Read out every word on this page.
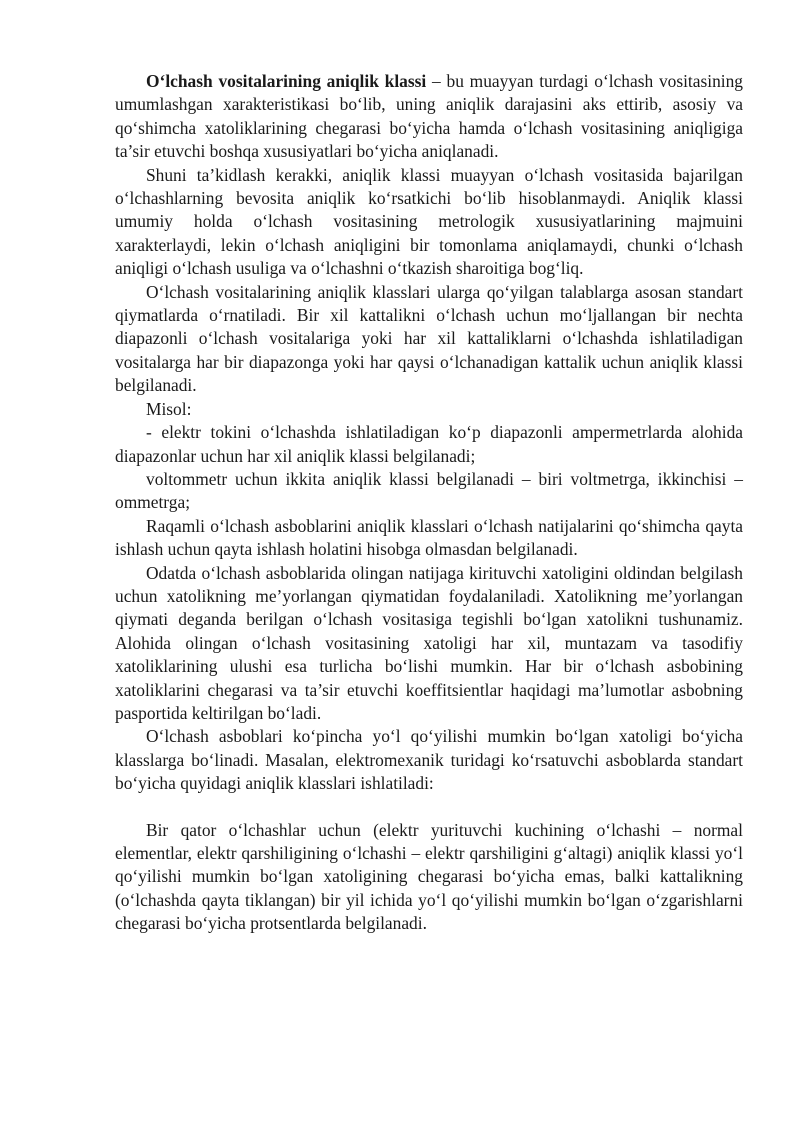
O‘lchash vositalarining aniqlik klassi – bu muayyan turdagi o‘lchash vositasining umumlashgan xarakteristikasi bo‘lib, uning aniqlik darajasini aks ettirib, asosiy va qo‘shimcha xatoliklarining chegarasi bo‘yicha hamda o‘lchash vositasining aniqligiga ta’sir etuvchi boshqa xususiyatlari bo‘yicha aniqlanadi.

Shuni ta’kidlash kerakki, aniqlik klassi muayyan o‘lchash vositasida bajarilgan o‘lchashlarning bevosita aniqlik ko‘rsatkichi bo‘lib hisoblanmaydi. Aniqlik klassi umumiy holda o‘lchash vositasining metrologik xususiyatlarining majmuini xarakterlaydi, lekin o‘lchash aniqligini bir tomonlama aniqlamaydi, chunki o‘lchash aniqligi o‘lchash usuliga va o‘lchashni o‘tkazish sharoitiga bog‘liq.

O‘lchash vositalarining aniqlik klasslari ularga qo‘yilgan talablarga asosan standart qiymatlarda o‘rnatiladi. Bir xil kattalikni o‘lchash uchun mo‘ljallangan bir nechta diapazonli o‘lchash vositalariga yoki har xil kattaliklarni o‘lchashda ishlatiladigan vositalarga har bir diapazonga yoki har qaysi o‘lchanadigan kattalik uchun aniqlik klassi belgilanadi.

Misol:

- elektr tokini o‘lchashda ishlatiladigan ko‘p diapazonli ampermetrlarda alohida diapazonlar uchun har xil aniqlik klassi belgilanadi;

voltommetr uchun ikkita aniqlik klassi belgilanadi – biri voltmetrga, ikkinchisi – ommetrga;

Raqamli o‘lchash asboblarini aniqlik klasslari o‘lchash natijalarini qo‘shimcha qayta ishlash uchun qayta ishlash holatini hisobga olmasdan belgilanadi.

Odatda o‘lchash asboblarida olingan natijaga kirituvchi xatoligini oldindan belgilash uchun xatolikning me’yorlangan qiymatidan foydalaniladi. Xatolikning me’yorlangan qiymati deganda berilgan o‘lchash vositasiga tegishli bo‘lgan xatolikni tushunamiz. Alohida olingan o‘lchash vositasining xatoligi har xil, muntazam va tasodifiy xatoliklarining ulushi esa turlicha bo‘lishi mumkin. Har bir o‘lchash asbobining xatoliklarini chegarasi va ta’sir etuvchi koeffitsientlar haqidagi ma’lumotlar asbobning pasportida keltirilgan bo‘ladi.

O‘lchash asboblari ko‘pincha yo‘l qo‘yilishi mumkin bo‘lgan xatoligi bo‘yicha klasslarga bo‘linadi. Masalan, elektromexanik turidagi ko‘rsatuvchi asboblarda standart bo‘yicha quyidagi aniqlik klasslari ishlatiladi:

Bir qator o‘lchashlar uchun (elektr yurituvchi kuchining o‘lchashi – normal elementlar, elektr qarshiligining o‘lchashi – elektr qarshiligini g‘altagi) aniqlik klassi yo‘l qo‘yilishi mumkin bo‘lgan xatoligining chegarasi bo‘yicha emas, balki kattalikning (o‘lchashda qayta tiklangan) bir yil ichida yo‘l qo‘yilishi mumkin bo‘lgan o‘zgarishlarni chegarasi bo‘yicha protsentlarda belgilanadi.
